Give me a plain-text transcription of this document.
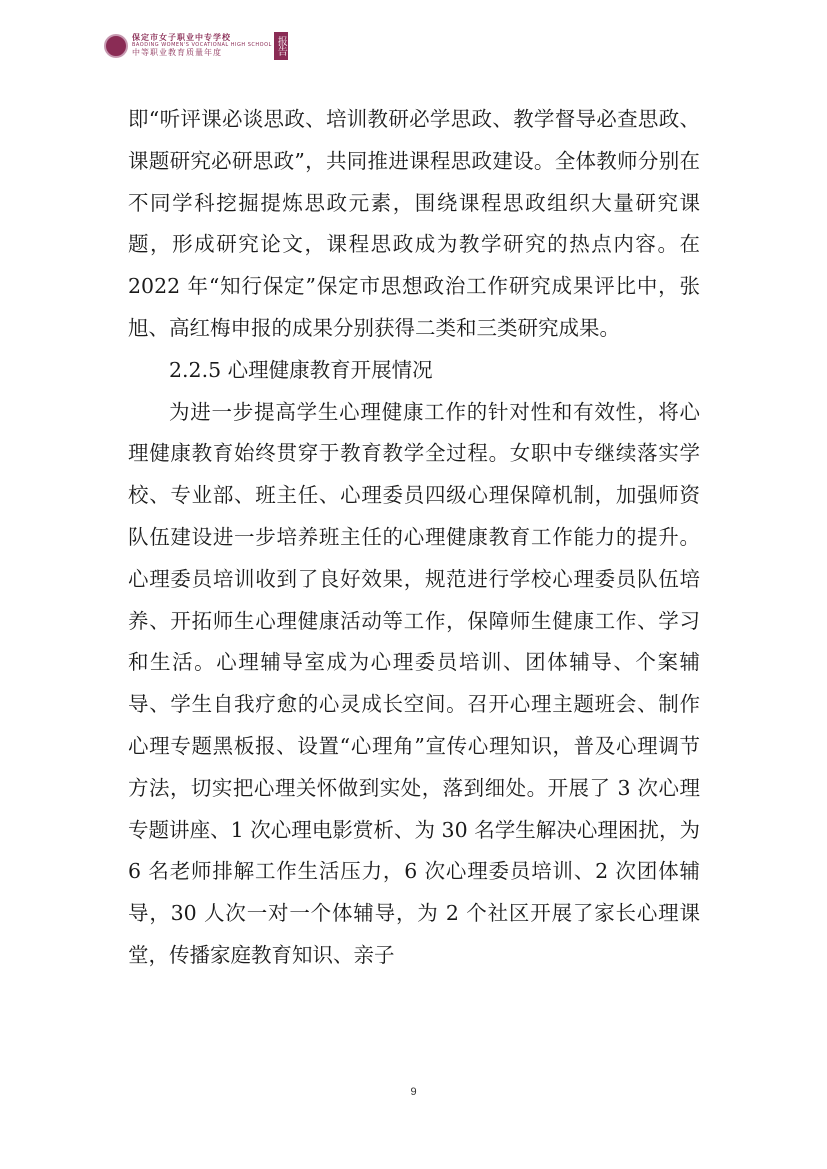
保定市女子职业中专学校
BAODING WOMEN'S VOCATIONAL HIGH SCHOOL
中等职业教育质量年度	报告

即“听评课必谈思政、培训教研必学思政、教学督导必查思政、课题研究必研思政”，共同推进课程思政建设。全体教师分别在不同学科挖掘提炼思政元素，围绕课程思政组织大量研究课题，形成研究论文，课程思政成为教学研究的热点内容。在 2022 年“知行保定”保定市思想政治工作研究成果评比中，张旭、高红梅申报的成果分别获得二类和三类研究成果。

2.2.5 心理健康教育开展情况

为进一步提高学生心理健康工作的针对性和有效性，将心理健康教育始终贯穿于教育教学全过程。女职中专继续落实学校、专业部、班主任、心理委员四级心理保障机制，加强师资队伍建设进一步培养班主任的心理健康教育工作能力的提升。心理委员培训收到了良好效果，规范进行学校心理委员队伍培养、开拓师生心理健康活动等工作，保障师生健康工作、学习和生活。心理辅导室成为心理委员培训、团体辅导、个案辅导、学生自我疗愈的心灵成长空间。召开心理主题班会、制作心理专题黑板报、设置“心理角”宣传心理知识，普及心理调节方法，切实把心理关怀做到实处，落到细处。开展了 3 次心理专题讲座、1 次心理电影赏析、为 30 名学生解决心理困扰，为 6 名老师排解工作生活压力，6 次心理委员培训、2 次团体辅导，30 人次一对一个体辅导，为 2 个社区开展了家长心理课堂，传播家庭教育知识、亲子

9
